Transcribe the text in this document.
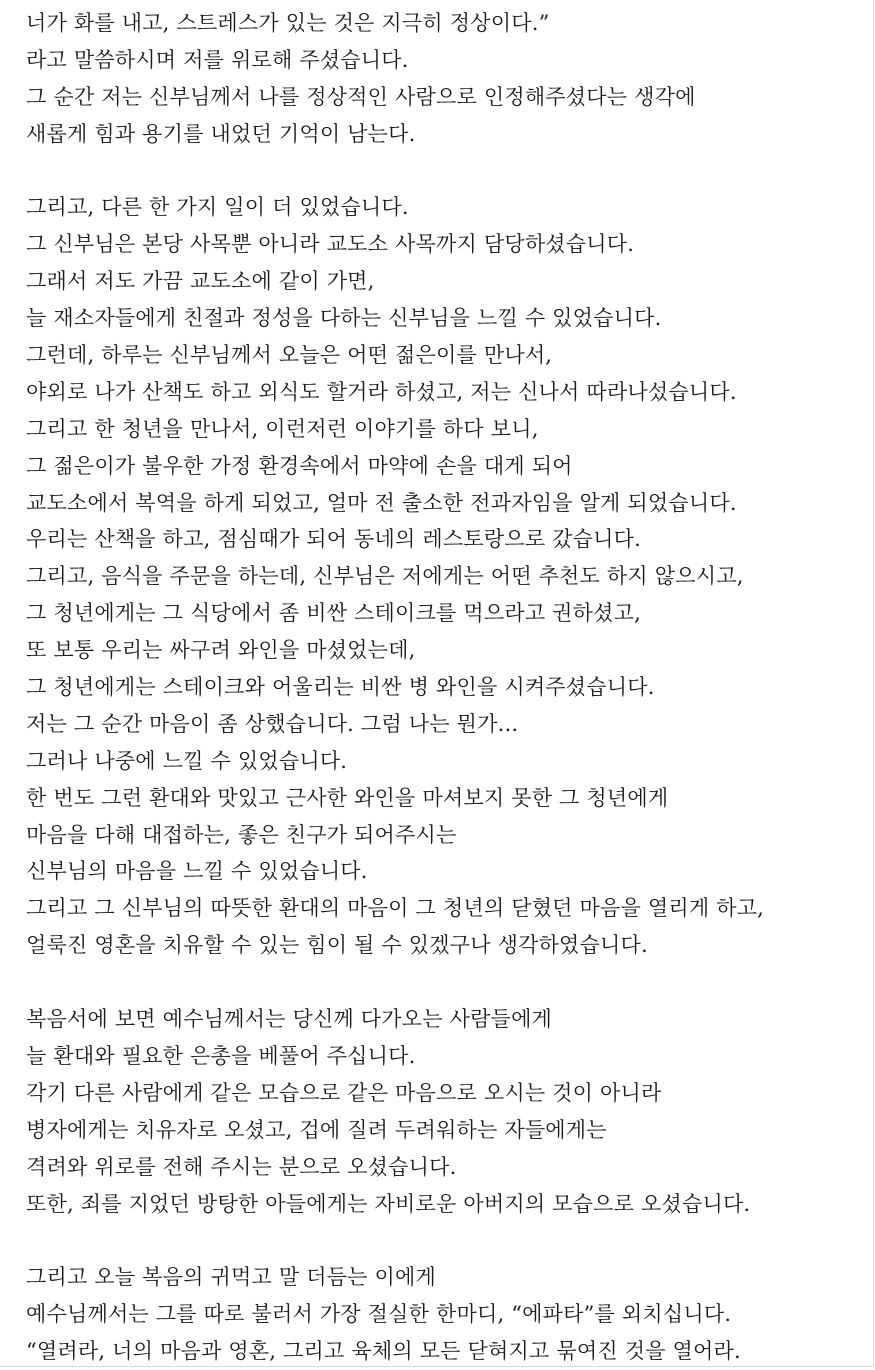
너가 화를 내고, 스트레스가 있는 것은 지극히 정상이다.”
라고 말씀하시며 저를 위로해 주셨습니다.
그 순간 저는 신부님께서 나를 정상적인 사람으로 인정해주셨다는 생각에
새롭게 힘과 용기를 내었던 기억이 남는다.
그리고, 다른 한 가지 일이 더 있었습니다.
그 신부님은 본당 사목뿐 아니라 교도소 사목까지 담당하셨습니다.
그래서 저도 가끔 교도소에 같이 가면,
늘 재소자들에게 친절과 정성을 다하는 신부님을 느낄 수 있었습니다.
그런데, 하루는 신부님께서 오늘은 어떤 젊은이를 만나서,
야외로 나가 산책도 하고 외식도 할거라 하셨고, 저는 신나서 따라나섰습니다.
그리고 한 청년을 만나서, 이런저런 이야기를 하다 보니,
그 젊은이가 불우한 가정 환경속에서 마약에 손을 대게 되어
교도소에서 복역을 하게 되었고, 얼마 전 출소한 전과자임을 알게 되었습니다.
우리는 산책을 하고, 점심때가 되어 동네의 레스토랑으로 갔습니다.
그리고, 음식을 주문을 하는데, 신부님은 저에게는 어떤 추천도 하지 않으시고,
그 청년에게는 그 식당에서 좀 비싼 스테이크를 먹으라고 권하셨고,
또 보통 우리는 싸구려 와인을 마셨었는데,
그 청년에게는 스테이크와 어울리는 비싼 병 와인을 시켜주셨습니다.
저는 그 순간 마음이 좀 상했습니다. 그럼 나는 뭔가...
그러나 나중에 느낄 수 있었습니다.
한 번도 그런 환대와 맛있고 근사한 와인을 마셔보지 못한 그 청년에게
마음을 다해 대접하는, 좋은 친구가 되어주시는
신부님의 마음을 느낄 수 있었습니다.
그리고 그 신부님의 따뜻한 환대의 마음이 그 청년의 닫혔던 마음을 열리게 하고,
얼룩진 영혼을 치유할 수 있는 힘이 될 수 있겠구나 생각하였습니다.
복음서에 보면 예수님께서는 당신께 다가오는 사람들에게
늘 환대와 필요한 은총을 베풀어 주십니다.
각기 다른 사람에게 같은 모습으로 같은 마음으로 오시는 것이 아니라
병자에게는 치유자로 오셨고, 겁에 질려 두려워하는 자들에게는
격려와 위로를 전해 주시는 분으로 오셨습니다.
또한, 죄를 지었던 방탕한 아들에게는 자비로운 아버지의 모습으로 오셨습니다.
그리고 오늘 복음의 귀먹고 말 더듬는 이에게
예수님께서는 그를 따로 불러서 가장 절실한 한마디, “에파타”를 외치십니다.
“열려라, 너의 마음과 영혼, 그리고 육체의 모든 닫혀지고 묶여진 것을 열어라.
